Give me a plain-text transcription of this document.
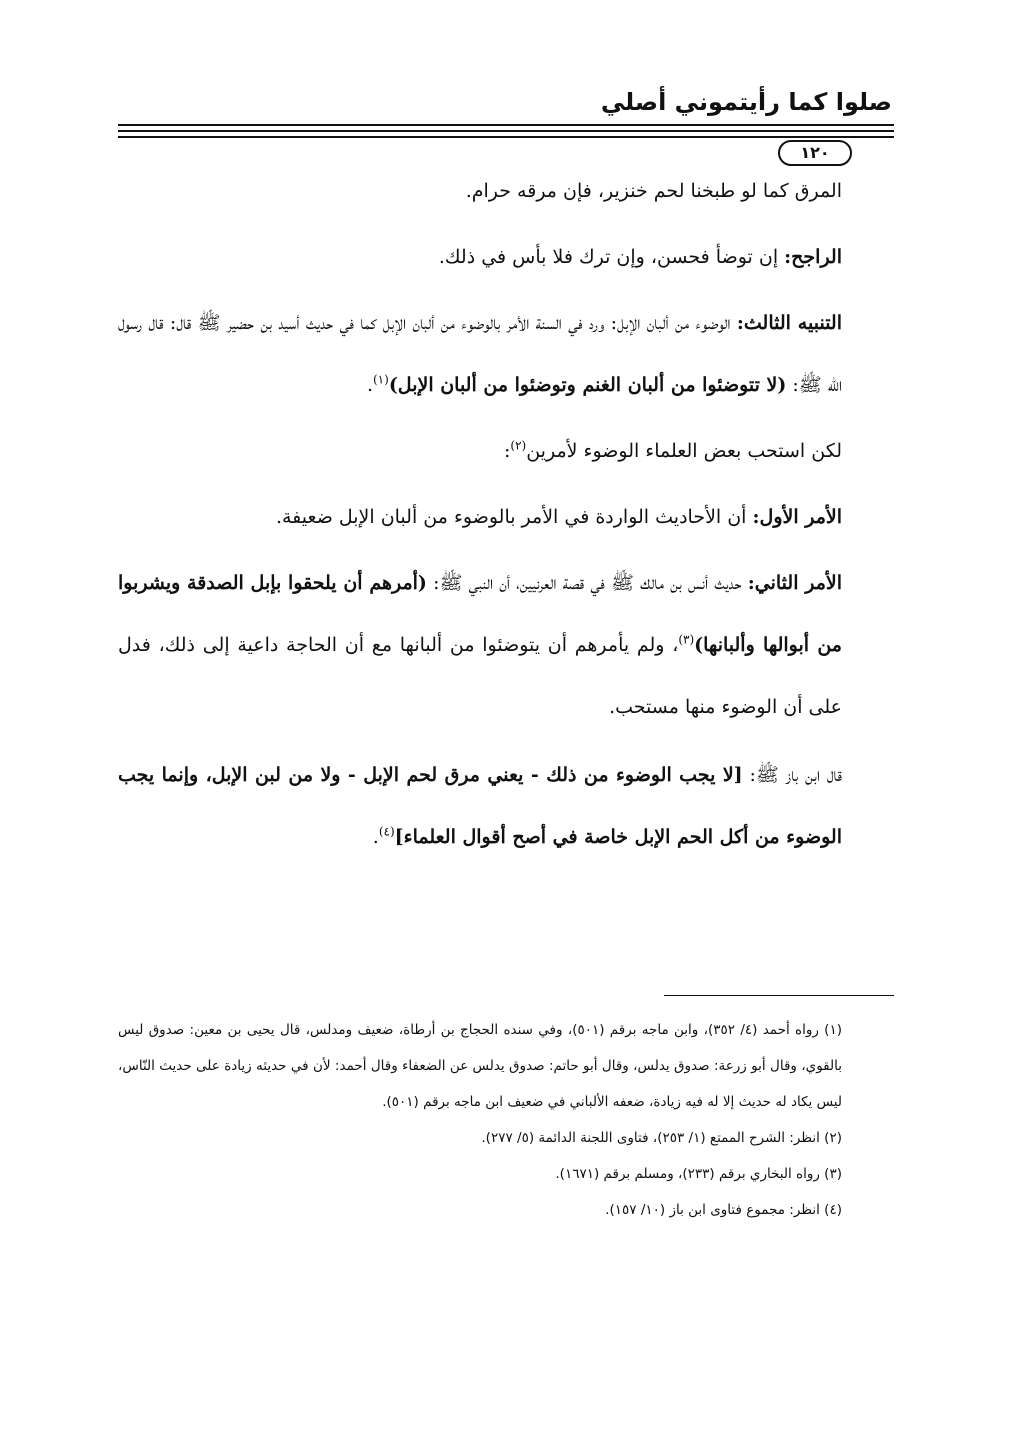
صلوا كما رأيتموني أصلي
١٢٠

المرق كما لو طبخنا لحم خنزير، فإن مرقه حرام.

الراجح: إن توضأ فحسن، وإن ترك فلا بأس في ذلك.

التنبيه الثالث: الوضوء من ألبان الإبل: ورد في السنة الأمر بالوضوء من ألبان الإبل كما في حديث أسيد بن حضير ﷺ قال: قال رسول الله ﷺ: (لا تتوضئوا من ألبان الغنم وتوضئوا من ألبان الإبل)$^{(١)}$.

لكن استحب بعض العلماء الوضوء لأمرين$^{(٢)}$:

الأمر الأول: أن الأحاديث الواردة في الأمر بالوضوء من ألبان الإبل ضعيفة.

الأمر الثاني: حديث أنس بن مالك ﷺ في قصة العرنيين، أن النبي ﷺ: (أمرهم أن يلحقوا بإبل الصدقة ويشربوا من أبوالها وألبانها)$^{(٣)}$، ولم يأمرهم أن يتوضئوا من ألبانها مع أن الحاجة داعية إلى ذلك، فدل على أن الوضوء منها مستحب.

قال ابن باز ﷺ: [لا يجب الوضوء من ذلك - يعني مرق لحم الإبل - ولا من لبن الإبل، وإنما يجب الوضوء من أكل الحم الإبل خاصة في أصح أقوال العلماء]$^{(٤)}$.

(١) رواه أحمد (٤/ ٣٥٢)، وابن ماجه برقم (٥٠١)، وفي سنده الحجاج بن أرطاة، ضعيف ومدلس، قال يحيى بن معين: صدوق ليس بالقوي، وقال أبو زرعة: صدوق يدلس، وقال أبو حاتم: صدوق يدلس عن الضعفاء وقال أحمد: لأن في حديثه زيادة على حديث النّاس، ليس يكاد له حديث إلا له فيه زيادة، ضعفه الألباني في ضعيف ابن ماجه برقم (٥٠١).

(٢) انظر: الشرح الممتع (١/ ٢٥٣)، فتاوى اللجنة الدائمة (٥/ ٢٧٧).

(٣) رواه البخاري برقم (٢٣٣)، ومسلم برقم (١٦٧١).

(٤) انظر: مجموع فتاوى ابن باز (١٠/ ١٥٧).
